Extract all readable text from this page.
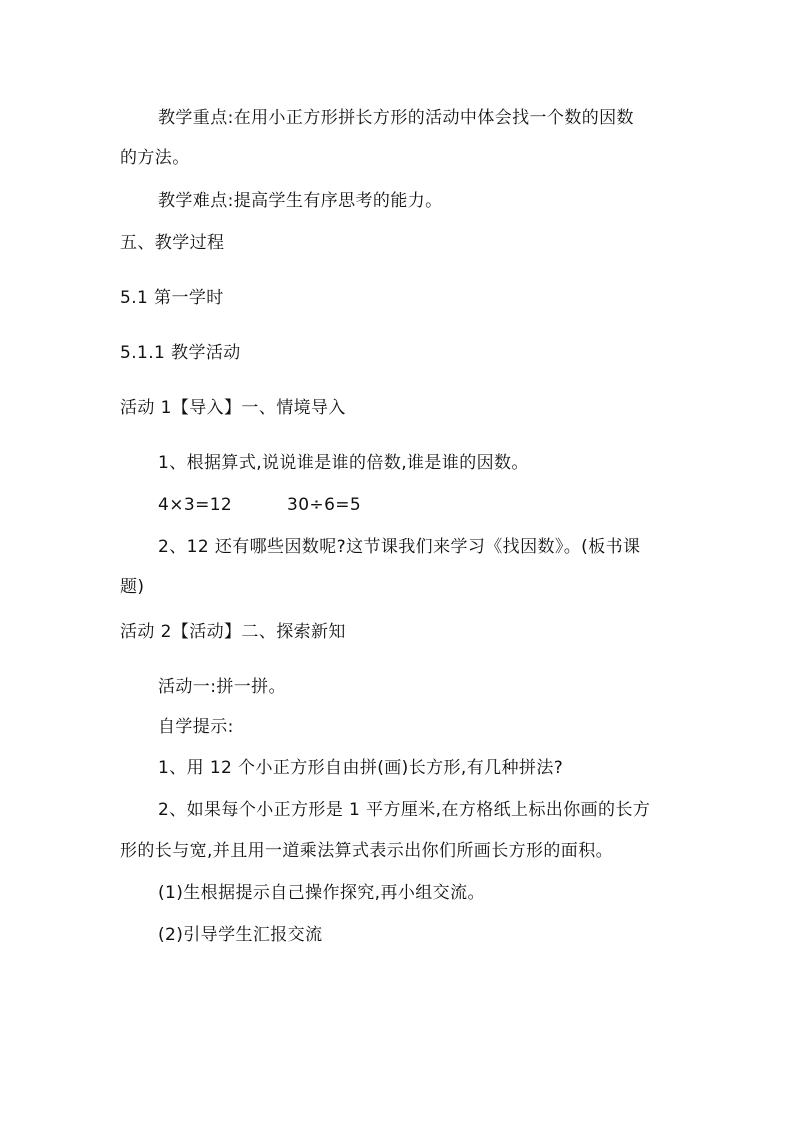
教学重点:在用小正方形拼长方形的活动中体会找一个数的因数
的方法。
教学难点:提高学生有序思考的能力。
五、教学过程
5.1 第一学时
5.1.1 教学活动
活动 1【导入】一、情境导入
1、根据算式,说说谁是谁的倍数,谁是谁的因数。
4×3=12	30÷6=5
2、12 还有哪些因数呢?这节课我们来学习《找因数》。(板书课
题)
活动 2【活动】二、探索新知
活动一:拼一拼。
自学提示:
1、用 12 个小正方形自由拼(画)长方形,有几种拼法?
2、如果每个小正方形是 1 平方厘米,在方格纸上标出你画的长方
形的长与宽,并且用一道乘法算式表示出你们所画长方形的面积。
(1)生根据提示自己操作探究,再小组交流。
(2)引导学生汇报交流
